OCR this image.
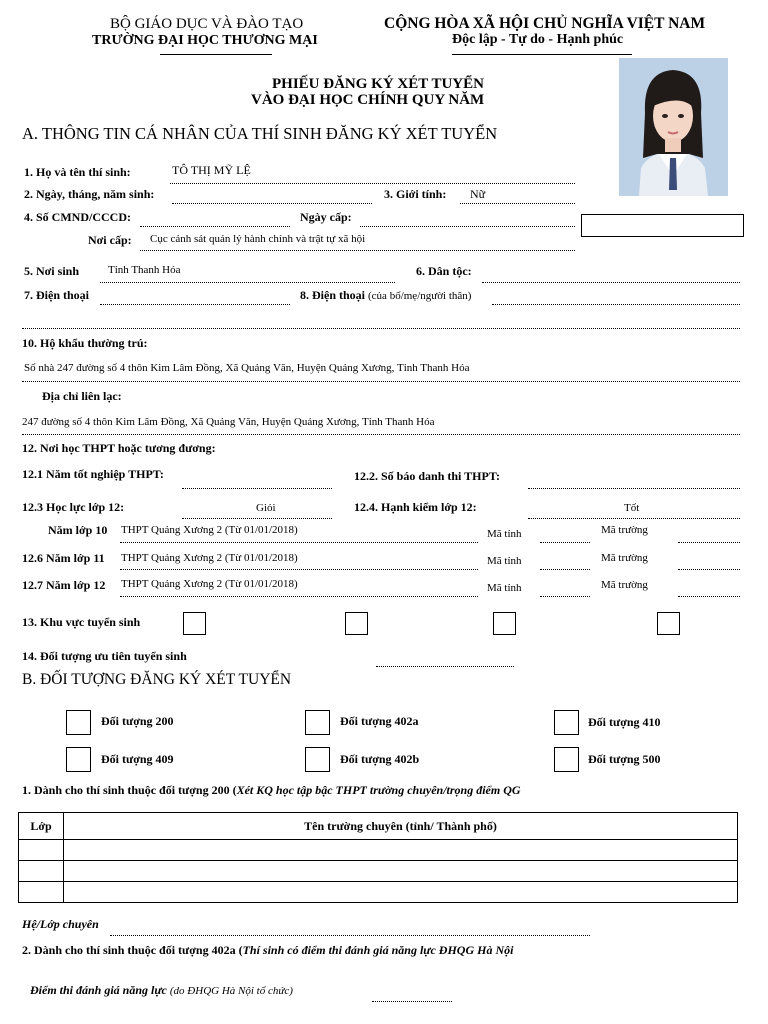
BỘ GIÁO DỤC VÀ ĐÀO TẠO
TRƯỜNG ĐẠI HỌC THƯƠNG MẠI
CỘNG HÒA XÃ HỘI CHỦ NGHĨA VIỆT NAM
Độc lập - Tự do - Hạnh phúc
PHIẾU ĐĂNG KÝ XÉT TUYỂN
VÀO ĐẠI HỌC CHÍNH QUY NĂM
A. THÔNG TIN CÁ NHÂN CỦA THÍ SINH ĐĂNG KÝ XÉT TUYỂN
1. Họ và tên thí sinh:	TÔ THỊ MỸ LỆ
2. Ngày, tháng, năm sinh:	3. Giới tính: Nữ
4. Số CMND/CCCD:	Ngày cấp:
Nơi cấp: Cục cảnh sát quản lý hành chính và trật tự xã hội
5. Nơi sinh	Tỉnh Thanh Hóa	6. Dân tộc:
7. Điện thoại	8. Điện thoại (của bố/mẹ/người thân)
10. Hộ khẩu thường trú:
Số nhà 247 đường số 4 thôn Kim Lâm Đồng, Xã Quảng Văn, Huyện Quảng Xương, Tỉnh Thanh Hóa
Địa chỉ liên lạc:
247 đường số 4 thôn Kim Lâm Đồng, Xã Quảng Văn, Huyện Quảng Xương, Tỉnh Thanh Hóa
12. Nơi học THPT hoặc tương đương:
12.1 Năm tốt nghiệp THPT:	12.2. Số báo danh thi THPT:
12.3 Học lực lớp 12:	Giỏi	12.4. Hạnh kiểm lớp 12:	Tốt
Năm lớp 10 THPT Quảng Xương 2 (Từ 01/01/2018)	Mã tỉnh	Mã trường
12.6 Năm lớp 11 THPT Quảng Xương 2 (Từ 01/01/2018)	Mã tỉnh	Mã trường
12.7 Năm lớp 12 THPT Quảng Xương 2 (Từ 01/01/2018)	Mã tỉnh	Mã trường
13. Khu vực tuyển sinh
14. Đối tượng ưu tiên tuyển sinh
B. ĐỐI TƯỢNG ĐĂNG KÝ XÉT TUYỂN
Đối tượng 200	Đối tượng 402a	Đối tượng 410
Đối tượng 409	Đối tượng 402b	Đối tượng 500
1. Dành cho thí sinh thuộc đối tượng 200 (Xét KQ học tập bậc THPT trường chuyên/trọng điểm QG
Lớp	Tên trường chuyên (tỉnh/ Thành phố)

Hệ/Lớp chuyên
2. Dành cho thí sinh thuộc đối tượng 402a (Thí sinh có điểm thi đánh giá năng lực ĐHQG Hà Nội
Điểm thi đánh giá năng lực (do ĐHQG Hà Nội tổ chức)
